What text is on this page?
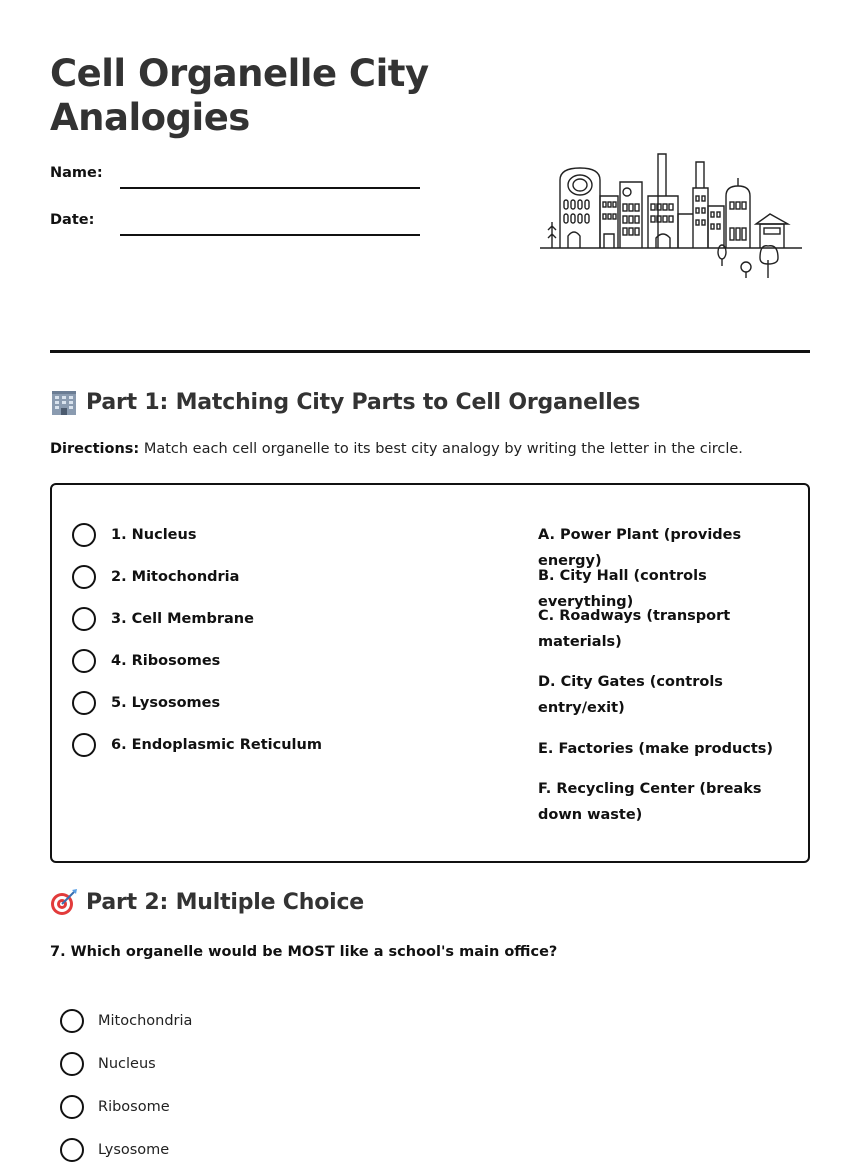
Cell Organelle City Analogies
Name:
Date:
Part 1: Matching City Parts to Cell Organelles
Directions: Match each cell organelle to its best city analogy by writing the letter in the circle.
1. Nucleus
2. Mitochondria
3. Cell Membrane
4. Ribosomes
5. Lysosomes
6. Endoplasmic Reticulum
A. Power Plant (provides energy)
B. City Hall (controls everything)
C. Roadways (transport materials)
D. City Gates (controls entry/exit)
E. Factories (make products)
F. Recycling Center (breaks down waste)
Part 2: Multiple Choice
7. Which organelle would be MOST like a school's main office?
Mitochondria
Nucleus
Ribosome
Lysosome
